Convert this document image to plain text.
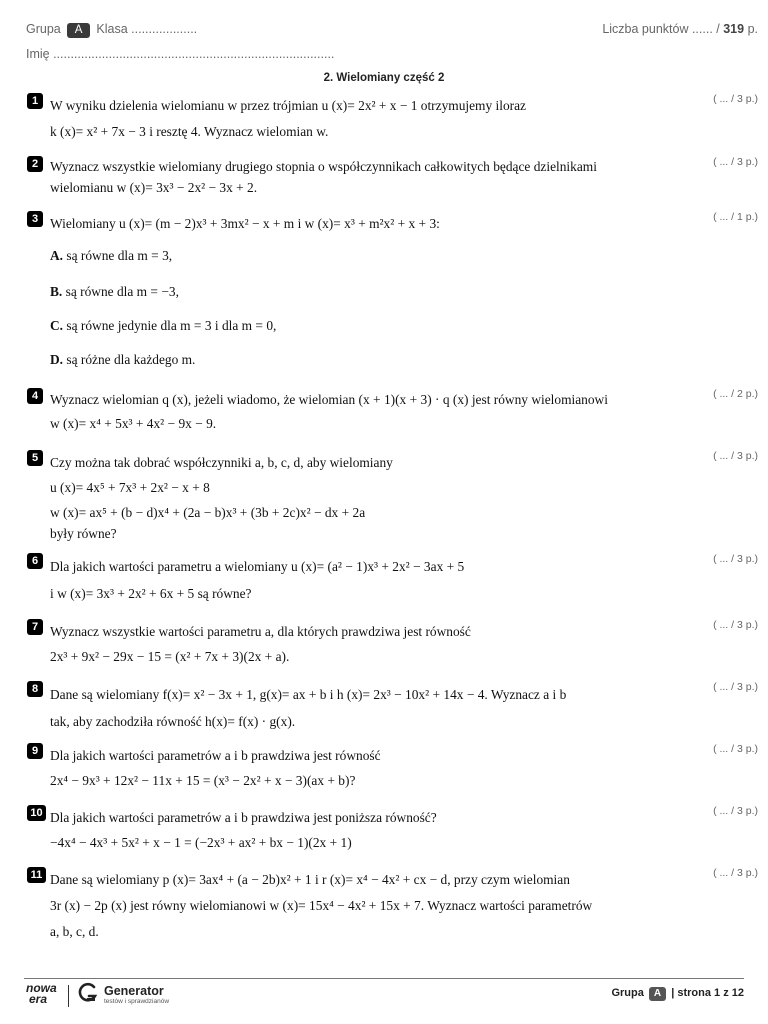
Grupa A Klasa ...................	Liczba punktów ...... / 319 p.
Imię .................................................................................
2. Wielomiany część 2
1	( ... / 3 p.)
W wyniku dzielenia wielomianu w przez trójmian u (x)= 2x² + x − 1 otrzymujemy iloraz
k (x)= x² + 7x − 3 i resztę 4. Wyznacz wielomian w.
2	( ... / 3 p.)
Wyznacz wszystkie wielomiany drugiego stopnia o współczynnikach całkowitych będące dzielnikami
wielomianu w (x)= 3x³ − 2x² − 3x + 2.
3	( ... / 1 p.)
Wielomiany u (x)= (m − 2)x³ + 3mx² − x + m i w (x)= x³ + m²x² + x + 3:
A. są równe dla m = 3,
B. są równe dla m = −3,
C. są równe jedynie dla m = 3 i dla m = 0,
D. są różne dla każdego m.
4	( ... / 2 p.)
Wyznacz wielomian q (x), jeżeli wiadomo, że wielomian (x + 1)(x + 3) · q (x) jest równy wielomianowi
w (x)= x⁴ + 5x³ + 4x² − 9x − 9.
5	( ... / 3 p.)
Czy można tak dobrać współczynniki a, b, c, d, aby wielomiany
u (x)= 4x⁵ + 7x³ + 2x² − x + 8
w (x)= ax⁵ + (b − d)x⁴ + (2a − b)x³ + (3b + 2c)x² − dx + 2a
były równe?
6	( ... / 3 p.)
Dla jakich wartości parametru a wielomiany u (x)= (a² − 1)x³ + 2x² − 3ax + 5
i w (x)= 3x³ + 2x² + 6x + 5 są równe?
7	( ... / 3 p.)
Wyznacz wszystkie wartości parametru a, dla których prawdziwa jest równość
2x³ + 9x² − 29x − 15 = (x² + 7x + 3)(2x + a).
8	( ... / 3 p.)
Dane są wielomiany f(x)= x² − 3x + 1, g(x)= ax + b i h (x)= 2x³ − 10x² + 14x − 4. Wyznacz a i b
tak, aby zachodziła równość h(x)= f(x) · g(x).
9	( ... / 3 p.)
Dla jakich wartości parametrów a i b prawdziwa jest równość
2x⁴ − 9x³ + 12x² − 11x + 15 = (x³ − 2x² + x − 3)(ax + b)?
10	( ... / 3 p.)
Dla jakich wartości parametrów a i b prawdziwa jest poniższa równość?
−4x⁴ − 4x³ + 5x² + x − 1 = (−2x³ + ax² + bx − 1)(2x + 1)
11	( ... / 3 p.)
Dane są wielomiany p (x)= 3ax⁴ + (a − 2b)x² + 1 i r (x)= x⁴ − 4x² + cx − d, przy czym wielomian
3r (x) − 2p (x) jest równy wielomianowi w (x)= 15x⁴ − 4x² + 15x + 7. Wyznacz wartości parametrów
a, b, c, d.
nowa
era
Generator
testów i sprawdzianów
Grupa A | strona 1 z 12
